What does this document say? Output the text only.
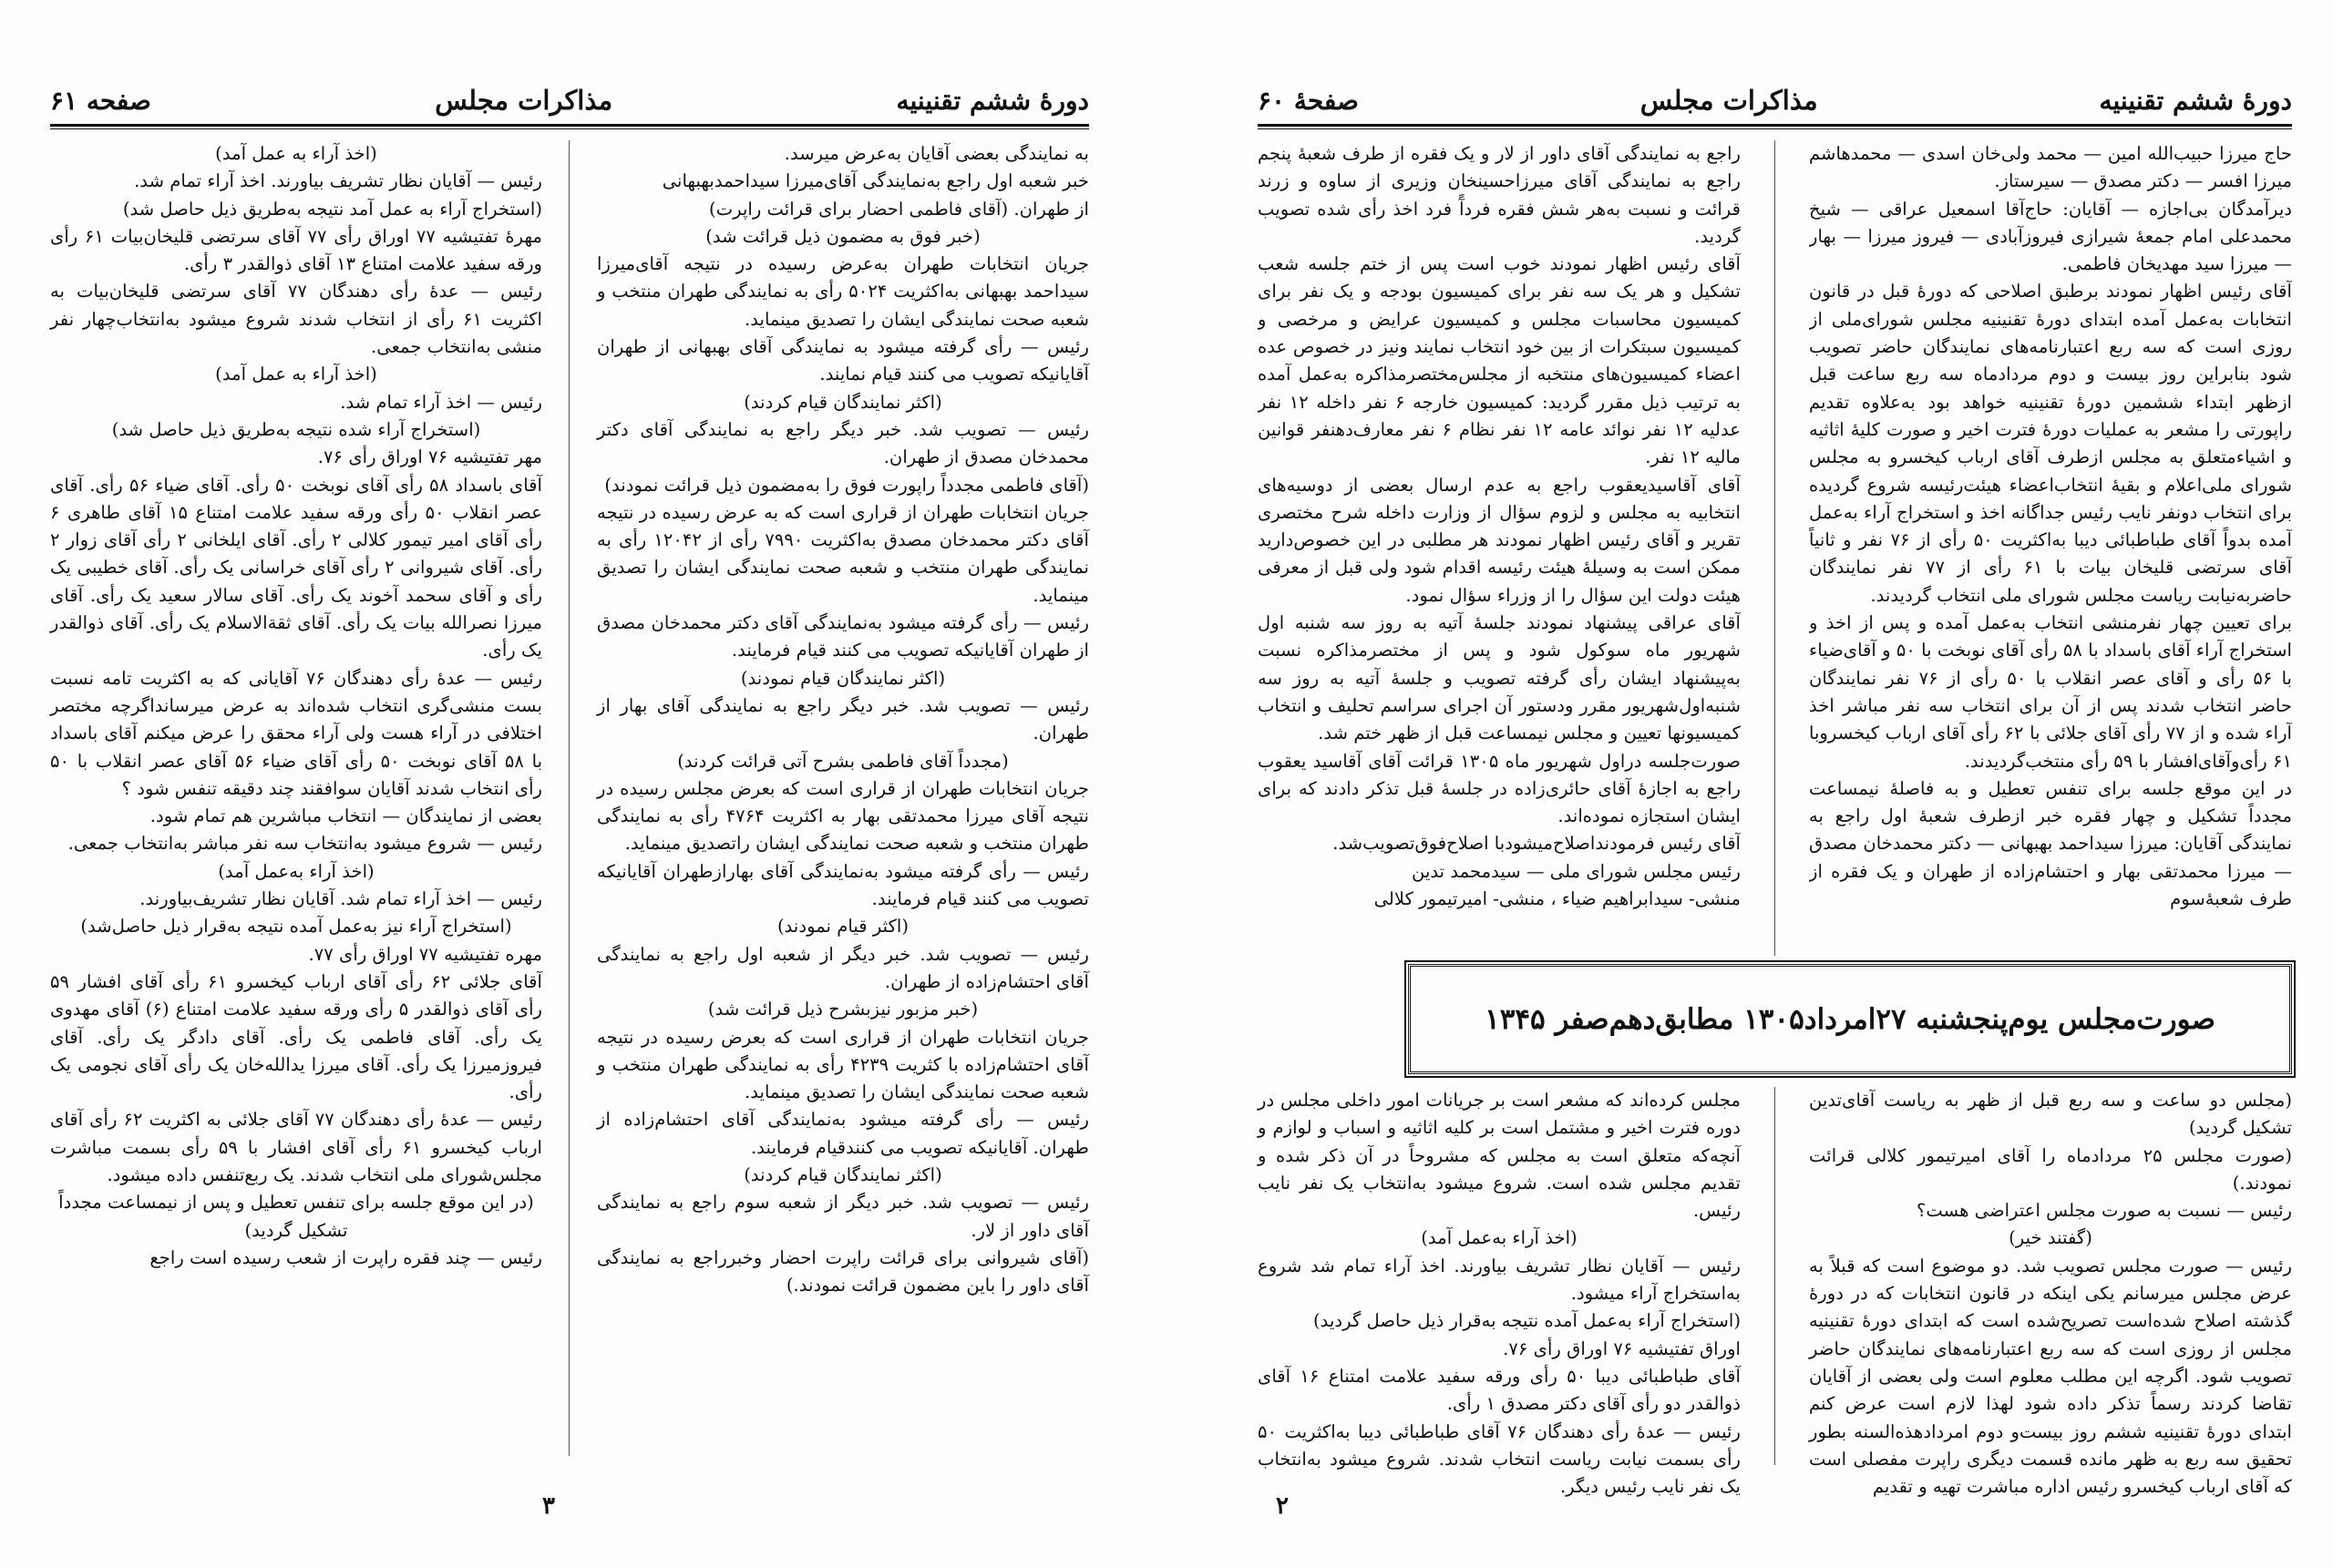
دورهٔ ششم تقنینیه
مذاکرات مجلس
صفحه ۶۱

به نمایندگی بعضی آقایان به‌عرض میرسد.

خبر شعبه اول راجع به‌نمایندگی آقای‌میرزا سیداحمدبهبهانی

از طهران. (آقای فاطمی احضار برای قرائت راپرت)

(خبر فوق به مضمون ذیل قرائت شد)

جریان انتخابات طهران به‌عرض رسیده در نتیجه آقای‌میرزا سیداحمد بهبهانی به‌اکثریت ۵۰۲۴ رأی به نمایندگی طهران منتخب و شعبه صحت نمایندگی ایشان را تصدیق مینماید.

رئیس — رأی گرفته میشود به نمایندگی آقای بهبهانی از طهران آقایانیکه تصویب می کنند قیام نمایند.

(اکثر نمایندگان قیام کردند)

رئیس — تصویب شد. خبر دیگر راجع به نمایندگی آقای دکتر محمدخان مصدق از طهران.

(آقای فاطمی مجدداً راپورت فوق را به‌مضمون ذیل قرائت نمودند)

جریان انتخابات طهران از قراری است که به عرض رسیده در نتیجه آقای دکتر محمدخان مصدق به‌اکثریت ۷۹۹۰ رأی از ۱۲۰۴۲ رأی به نمایندگی طهران منتخب و شعبه صحت نمایندگی ایشان را تصدیق مینماید.

رئیس — رأی گرفته میشود به‌نمایندگی آقای دکتر محمدخان مصدق از طهران آقایانیکه تصویب می کنند قیام فرمایند.

(اکثر نمایندگان قیام نمودند)

رئیس — تصویب شد. خبر دیگر راجع به نمایندگی آقای بهار از طهران.

(مجدداً آقای فاطمی بشرح آتی قرائت کردند)

جریان انتخابات طهران از قراری است که بعرض مجلس رسیده در نتیجه آقای میرزا محمدتقی بهار به اکثریت ۴۷۶۴ رأی به نمایندگی طهران منتخب و شعبه صحت نمایندگی ایشان راتصدیق مینماید.

رئیس — رأی گرفته میشود به‌نمایندگی آقای بهارازطهران آقایانیکه تصویب می کنند قیام فرمایند.

(اکثر قیام نمودند)

رئیس — تصویب شد. خبر دیگر از شعبه اول راجع به نمایندگی آقای احتشام‌زاده از طهران.

(خبر مزبور نیزبشرح ذیل قرائت شد)

جریان انتخابات طهران از قراری است که بعرض رسیده در نتیجه آقای احتشام‌زاده با کثریت ۴۲۳۹ رأی به نمایندگی طهران منتخب و شعبه صحت نمایندگی ایشان را تصدیق مینماید.

رئیس — رأی گرفته میشود به‌نمایندگی آقای احتشام‌زاده از طهران. آقایانیکه تصویب می کنندقیام فرمایند.

(اکثر نمایندگان قیام کردند)

رئیس — تصویب شد. خبر دیگر از شعبه سوم راجع به نمایندگی آقای داور از لار.

(آقای شیروانی برای قرائت راپرت احضار وخبرراجع به نمایندگی آقای داور را باین مضمون قرائت نمودند.)

(اخذ آراء به عمل آمد)

رئیس — آقایان نظار تشریف بیاورند. اخذ آراء تمام شد.

(استخراج آراء به عمل آمد نتیجه به‌طریق ذیل حاصل شد)

مهرهٔ تفتیشیه ۷۷ اوراق رأی ۷۷ آقای سرتضی قلیخان‌بیات ۶۱ رأی ورقه سفید علامت امتناع ۱۳ آقای ذوالقدر ۳ رأی.

رئیس — عدهٔ رأی دهندگان ۷۷ آقای سرتضی قلیخان‌بیات به اکثریت ۶۱ رأی از انتخاب شدند شروع میشود به‌انتخاب‌چهار نفر منشی به‌انتخاب جمعی.

(اخذ آراء به عمل آمد)

رئیس — اخذ آراء تمام شد.

(استخراج آراء شده نتیجه به‌طریق ذیل حاصل شد)

مهر تفتیشیه ۷۶ اوراق رأی ۷۶.

آقای باسداد ۵۸ رأی آقای نوبخت ۵۰ رأی. آقای ضیاء ۵۶ رأی. آقای عصر انقلاب ۵۰ رأی ورقه سفید علامت امتناع ۱۵ آقای طاهری ۶ رأی آقای امیر تیمور کلالی ۲ رأی. آقای ایلخانی ۲ رأی آقای زوار ۲ رأی. آقای شیروانی ۲ رأی آقای خراسانی یک رأی. آقای خطیبی یک رأی و آقای سحمد آخوند یک رأی. آقای سالار سعید یک رأی. آقای میرزا نصرالله بیات یک رأی. آقای ثقةالاسلام یک رأی. آقای ذوالقدر یک رأی.

رئیس — عدهٔ رأی دهندگان ۷۶ آقایانی که به اکثریت تامه نسبت بست منشی‌گری انتخاب شده‌اند به عرض میرسانداگرچه مختصر اختلافی در آراء هست ولی آراء محقق را عرض میکنم آقای باسداد با ۵۸ آقای نوبخت ۵۰ رأی آقای ضیاء ۵۶ آقای عصر انقلاب با ۵۰ رأی انتخاب شدند آقایان سوافقند چند دقیقه تنفس شود ؟

بعضی از نمایندگان — انتخاب مباشرین هم تمام شود.

رئیس — شروع میشود به‌انتخاب سه نفر مباشر به‌انتخاب جمعی.

(اخذ آراء به‌عمل آمد)

رئیس — اخذ آراء تمام شد. آقایان نظار تشریف‌بیاورند.

(استخراج آراء نیز به‌عمل آمده نتیجه به‌قرار ذیل حاصل‌شد)

مهره تفتیشیه ۷۷ اوراق رأی ۷۷.

آقای جلائی ۶۲ رأی آقای ارباب کیخسرو ۶۱ رأی آقای افشار ۵۹ رأی آقای ذوالقدر ۵ رأی ورقه سفید علامت امتناع (۶) آقای مهدوی یک رأی. آقای فاطمی یک رأی. آقای دادگر یک رأی. آقای فیروزمیرزا یک رأی. آقای میرزا یدالله‌خان یک رأی آقای نجومی یک رأی.

رئیس — عدهٔ رأی دهندگان ۷۷ آقای جلائی به اکثریت ۶۲ رأی آقای ارباب کیخسرو ۶۱ رأی آقای افشار با ۵۹ رأی بسمت مباشرت مجلس‌شورای ملی انتخاب شدند. یک ربع‌تنفس داده میشود.

(در این موقع جلسه برای تنفس تعطیل و پس از نیمساعت مجدداً تشکیل گردید)

رئیس — چند فقره راپرت از شعب رسیده است راجع

۳
دورهٔ ششم تقنینیه
مذاکرات مجلس
صفحهٔ ۶۰

حاج میرزا حبیب‌الله امین — محمد ولی‌خان اسدی — محمدهاشم میرزا افسر — دکتر مصدق — سیرستاز.

دیرآمدگان بی‌اجازه — آقایان: حاج‌آقا اسمعیل عراقی — شیخ محمدعلی امام جمعهٔ شیرازی فیروزآبادی — فیروز میرزا — بهار — میرزا سید مهدیخان فاطمی.

آقای رئیس اظهار نمودند بر‌طبق اصلاحی که دورهٔ قبل در قانون انتخابات به‌عمل آمده ابتدای دورهٔ تقنینیه مجلس شورای‌ملی از روزی است که سه ربع اعتبارنامه‌های نمایندگان حاضر تصویب شود بنابراین روز بیست و دوم مردادماه سه ربع ساعت قبل ازظهر ابتداء ششمین دورهٔ تقنینیه خواهد بود به‌علاوه تقدیم راپورتی را مشعر به عملیات دورهٔ فترت اخیر و صورت کلیهٔ اثاثیه و اشیاء‌متعلق به مجلس از‌طرف آقای ارباب کیخسرو به مجلس شورای ملی‌اعلام و بقیهٔ انتخاب‌اعضاء هیئت‌رئیسه شروع گردیده برای انتخاب دونفر نایب رئیس جداگانه اخذ و استخراج آراء به‌عمل آمده بدواً آقای طباطبائی دیبا به‌اکثریت ۵۰ رأی از ۷۶ نفر و ثانیاً آقای سرتضی قلیخان بیات با ۶۱ رأی از ۷۷ نفر نمایندگان حاضر‌به‌نیابت ریاست مجلس شورای ملی انتخاب گردیدند.

برای تعیین چهار نفرمنشی انتخاب به‌عمل آمده و پس از اخذ و استخراج آراء آقای باسداد با ۵۸ رأی آقای نوبخت با ۵۰ و آقای‌ضیاء با ۵۶ رأی و آقای عصر انقلاب با ۵۰ رأی از ۷۶ نفر نمایندگان حاضر انتخاب شدند پس از آن برای انتخاب سه نفر مباشر اخذ آراء شده و از ۷۷ رأی آقای جلائی با ۶۲ رأی آقای ارباب کیخسروبا ۶۱ رأی‌وآقای‌افشار با ۵۹ رأی منتخب‌گردیدند.

در این موقع جلسه برای تنفس تعطیل و به فاصلهٔ نیمساعت مجدداً تشکیل و چهار فقره خبر از‌طرف شعبهٔ اول راجع به نمایندگی آقایان: میرزا سیداحمد بهبهانی — دکتر محمدخان مصدق — میرزا محمدتقی بهار و احتشام‌زاده از طهران و یک فقره از طرف شعبهٔ‌سوم

راجع به نمایندگی آقای داور از لار و یک فقره از طرف شعبهٔ پنجم راجع به نمایندگی آقای میرزاحسینخان وزیری از ساوه و زرند قرائت و نسبت به‌هر شش فقره فردآً فرد اخذ رأی شده تصویب گردید.

آقای رئیس اظهار نمودند خوب است پس از ختم جلسه شعب تشکیل و هر یک سه نفر برای کمیسیون بودجه و یک نفر برای کمیسیون محاسبات مجلس و کمیسیون عرایض و مرخصی و کمیسیون سبتکرات از بین خود انتخاب نمایند ونیز در خصوص عده اعضاء کمیسیون‌های منتخبه از مجلس‌مختصرمذاکره به‌عمل آمده به ترتیب ذیل مقرر گردید: کمیسیون خارجه ۶ نفر داخله ۱۲ نفر عدلیه ۱۲ نفر نوائد عامه ۱۲ نفر نظام ۶ نفر معارف‌دهنفر قوانین مالیه ۱۲ نفر.

آقای آقاسیدیعقوب راجع به عدم ارسال بعضی از دوسیه‌های انتخابیه به مجلس و لزوم سؤال از وزارت داخله شرح مختصری تقریر و آقای رئیس اظهار نمودند هر مطلبی در این خصوص‌دارید ممکن است به وسیلهٔ هیئت رئیسه اقدام شود ولی قبل از معرفی هیئت دولت این سؤال را از وزراء سؤال نمود.

آقای عراقی پیشنهاد نمودند جلسهٔ آتیه به روز سه شنبه اول شهریور ماه سوکول شود و پس از مختصرمذاکره نسبت به‌پیشنهاد ایشان رأی گرفته تصویب و جلسهٔ آتیه به روز سه شنبه‌اول‌شهریور مقرر ودستور آن اجرای سراسم تحلیف و انتخاب کمیسیونها تعیین و مجلس نیمساعت قبل از ظهر ختم شد.

صورت‌جلسه دراول شهریور ماه ۱۳۰۵ قرائت آقای آقاسید یعقوب راجع به اجازهٔ آقای حائری‌زاده در جلسهٔ قبل تذکر دادند که برای ایشان استجازه نموده‌اند.

آقای رئیس فرمودنداصلاح‌میشودبا اصلاح‌فوق‌تصویب‌شد.

رئیس مجلس شورای ملی — سیدمحمد تدین

منشی- سیدابراهیم ضیاء ، منشی- امیرتیمور کلالی

صورت‌مجلس یوم‌پنجشنبه ۲۷امرداد۱۳۰۵ مطابق‌دهم‌صفر ۱۳۴۵

(مجلس دو ساعت و سه ربع قبل از ظهر به ریاست آقای‌تدین تشکیل گردید)

(صورت مجلس ۲۵ مردادماه را آقای امیرتیمور کلالی قرائت نمودند.)

رئیس — نسبت به صورت مجلس اعتراضی هست؟

(گفتند خیر)

رئیس — صورت مجلس تصویب شد. دو موضوع است که قبلاً به عرض مجلس میرسانم یکی اینکه در قانون انتخابات که در دورهٔ گذشته اصلاح شده‌است تصریح‌شده است که ابتدای دورهٔ تقنینیه مجلس از روزی است که سه ربع اعتبارنامه‌های نمایندگان حاضر تصویب شود. اگرچه این مطلب معلوم است ولی بعضی از آقایان تقاضا کردند رسماً تذکر داده شود لهذا لازم است عرض کنم ابتدای دورهٔ تقنینیه ششم روز بیست‌و دوم امردادهذه‌السنه بطور تحقیق سه ربع به ظهر مانده قسمت دیگری راپرت مفصلی است که آقای ارباب کیخسرو رئیس اداره مباشرت تهیه و تقدیم

مجلس کرده‌اند که مشعر است بر جریانات امور داخلی مجلس در دوره فترت اخیر و مشتمل است بر کلیه اثاثیه و اسباب و لوازم و آنچه‌که متعلق است به مجلس که مشروحاً در آن ذکر شده و تقدیم مجلس شده است. شروع میشود به‌انتخاب یک نفر نایب رئیس.

(اخذ آراء به‌عمل آمد)

رئیس — آقایان نظار تشریف بیاورند. اخذ آراء تمام شد شروع به‌استخراج آراء میشود.

(استخراج آراء به‌عمل آمده نتیجه به‌قرار ذیل حاصل گردید)

اوراق تفتیشیه ۷۶ اوراق رأی ۷۶.

آقای طباطبائی دیبا ۵۰ رأی ورقه سفید علامت امتناع ۱۶ آقای ذوالقدر دو رأی آقای دکتر مصدق ۱ رأی.

رئیس — عدهٔ رأی دهندگان ۷۶ آقای طباطبائی دیبا به‌اکثریت ۵۰ رأی بسمت نیابت ریاست انتخاب شدند. شروع میشود به‌انتخاب یک نفر نایب رئیس دیگر.

۲
